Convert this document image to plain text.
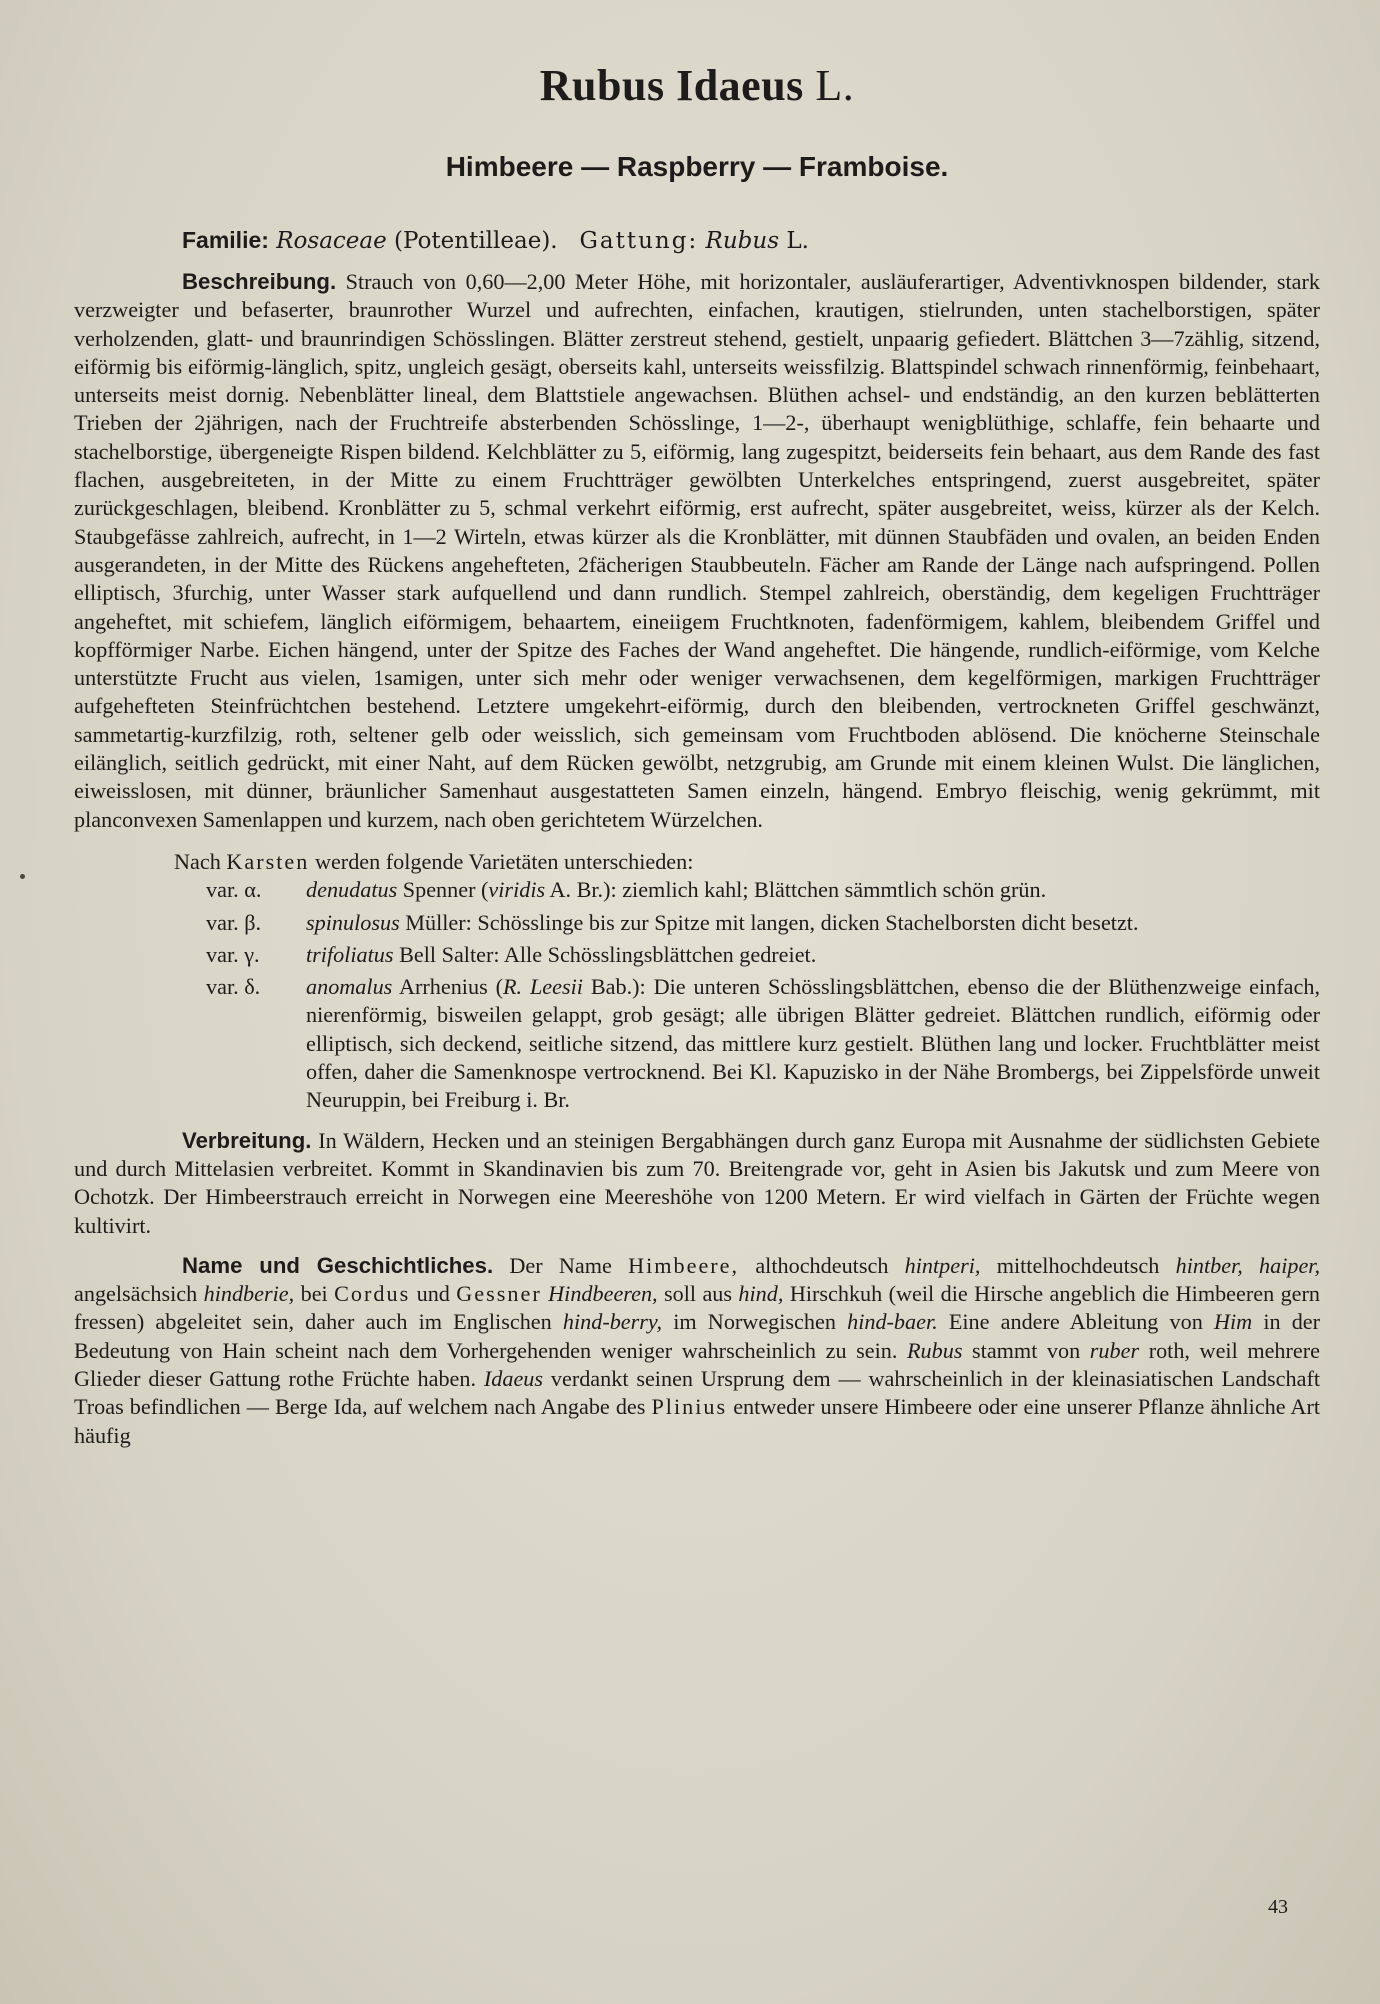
Rubus Idaeus L.
Himbeere — Raspberry — Framboise.
Familie: Rosaceae (Potentilleae). Gattung: Rubus L.

Beschreibung. Strauch von 0,60—2,00 Meter Höhe, mit horizontaler, ausläuferartiger, Adventivknospen bildender, stark verzweigter und befaserter, braunrother Wurzel und aufrechten, einfachen, krautigen, stielrunden, unten stachelborstigen, später verholzenden, glatt- und braunrindigen Schösslingen. Blätter zerstreut stehend, gestielt, unpaarig gefiedert. Blättchen 3—7zählig, sitzend, eiförmig bis eiförmig-länglich, spitz, ungleich gesägt, oberseits kahl, unterseits weissfilzig. Blattspindel schwach rinnenförmig, feinbehaart, unterseits meist dornig. Nebenblätter lineal, dem Blattstiele angewachsen. Blüthen achsel- und endständig, an den kurzen beblätterten Trieben der 2jährigen, nach der Fruchtreife absterbenden Schösslinge, 1—2-, überhaupt wenigblüthige, schlaffe, fein behaarte und stachelborstige, übergeneigte Rispen bildend. Kelchblätter zu 5, eiförmig, lang zugespitzt, beiderseits fein behaart, aus dem Rande des fast flachen, ausgebreiteten, in der Mitte zu einem Fruchtträger gewölbten Unterkelches entspringend, zuerst ausgebreitet, später zurückgeschlagen, bleibend. Kronblätter zu 5, schmal verkehrt eiförmig, erst aufrecht, später ausgebreitet, weiss, kürzer als der Kelch. Staubgefässe zahlreich, aufrecht, in 1—2 Wirteln, etwas kürzer als die Kronblätter, mit dünnen Staubfäden und ovalen, an beiden Enden ausgerandeten, in der Mitte des Rückens angehefteten, 2fächerigen Staubbeuteln. Fächer am Rande der Länge nach aufspringend. Pollen elliptisch, 3furchig, unter Wasser stark aufquellend und dann rundlich. Stempel zahlreich, oberständig, dem kegeligen Fruchtträger angeheftet, mit schiefem, länglich eiförmigem, behaartem, eineiigem Fruchtknoten, fadenförmigem, kahlem, bleibendem Griffel und kopfförmiger Narbe. Eichen hängend, unter der Spitze des Faches der Wand angeheftet. Die hängende, rundlich-eiförmige, vom Kelche unterstützte Frucht aus vielen, 1samigen, unter sich mehr oder weniger verwachsenen, dem kegelförmigen, markigen Fruchtträger aufgehefteten Steinfrüchtchen bestehend. Letztere umgekehrt-eiförmig, durch den bleibenden, vertrockneten Griffel geschwänzt, sammetartig-kurzfilzig, roth, seltener gelb oder weisslich, sich gemeinsam vom Fruchtboden ablösend. Die knöcherne Steinschale eilänglich, seitlich gedrückt, mit einer Naht, auf dem Rücken gewölbt, netzgrubig, am Grunde mit einem kleinen Wulst. Die länglichen, eiweisslosen, mit dünner, bräunlicher Samenhaut ausgestatteten Samen einzeln, hängend. Embryo fleischig, wenig gekrümmt, mit planconvexen Samenlappen und kurzem, nach oben gerichtetem Würzelchen.

Nach Karsten werden folgende Varietäten unterschieden:
var. α. denudatus Spenner (viridis A. Br.): ziemlich kahl; Blättchen sämmtlich schön grün.
var. β. spinulosus Müller: Schösslinge bis zur Spitze mit langen, dicken Stachelborsten dicht besetzt.
var. γ. trifoliatus Bell Salter: Alle Schösslingsblättchen gedreiet.
var. δ. anomalus Arrhenius (R. Leesii Bab.): Die unteren Schösslingsblättchen, ebenso die der Blüthenzweige einfach, nierenförmig, bisweilen gelappt, grob gesägt; alle übrigen Blätter gedreiet. Blättchen rundlich, eiförmig oder elliptisch, sich deckend, seitliche sitzend, das mittlere kurz gestielt. Blüthen lang und locker. Fruchtblätter meist offen, daher die Samenknospe vertrocknend. Bei Kl. Kapuzisko in der Nähe Brombergs, bei Zippelsförde unweit Neuruppin, bei Freiburg i. Br.

Verbreitung. In Wäldern, Hecken und an steinigen Bergabhängen durch ganz Europa mit Ausnahme der südlichsten Gebiete und durch Mittelasien verbreitet. Kommt in Skandinavien bis zum 70. Breitengrade vor, geht in Asien bis Jakutsk und zum Meere von Ochotzk. Der Himbeerstrauch erreicht in Norwegen eine Meereshöhe von 1200 Metern. Er wird vielfach in Gärten der Früchte wegen kultivirt.

Name und Geschichtliches. Der Name Himbeere, althochdeutsch hintperi, mittelhochdeutsch hintber, haiper, angelsächsich hindberie, bei Cordus und Gessner Hindbeeren, soll aus hind, Hirschkuh (weil die Hirsche angeblich die Himbeeren gern fressen) abgeleitet sein, daher auch im Englischen hind-berry, im Norwegischen hind-baer. Eine andere Ableitung von Him in der Bedeutung von Hain scheint nach dem Vorhergehenden weniger wahrscheinlich zu sein. Rubus stammt von ruber roth, weil mehrere Glieder dieser Gattung rothe Früchte haben. Idaeus verdankt seinen Ursprung dem — wahrscheinlich in der kleinasiatischen Landschaft Troas befindlichen — Berge Ida, auf welchem nach Angabe des Plinius entweder unsere Himbeere oder eine unserer Pflanze ähnliche Art häufig

43
